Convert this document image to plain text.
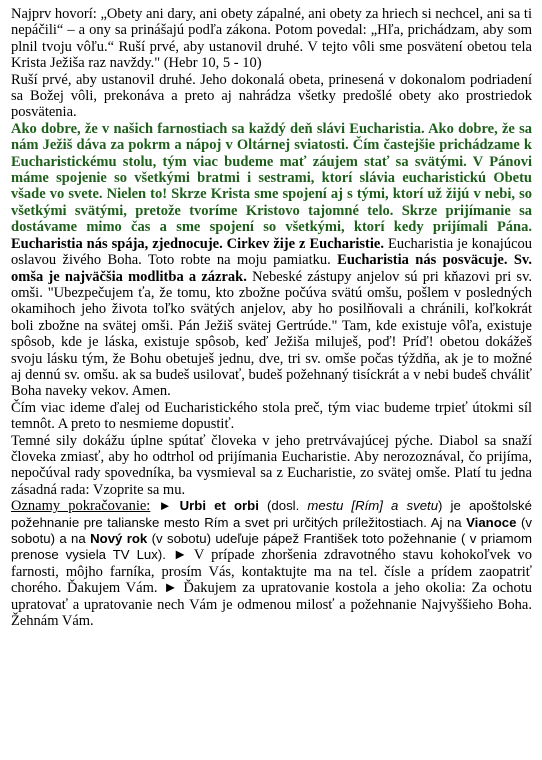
Najprv hovorí: „Obety ani dary, ani obety zápalné, ani obety za hriech si nechcel, ani sa ti nepáčili“ – a ony sa prinášajú podľa zákona. Potom povedal: „Hľa, prichádzam, aby som plnil tvoju vôľu.“ Ruší prvé, aby ustanovil druhé. V tejto vôli sme posvätení obetou tela Krista Ježiša raz navždy." (Hebr 10, 5 - 10)

Ruší prvé, aby ustanovil druhé. Jeho dokonalá obeta, prinesená v dokonalom podriadení sa Božej vôli, prekonáva a preto aj nahrádza všetky predošlé obety ako prostriedok posvätenia.

Ako dobre, že v našich farnostiach sa každý deň slávi Eucharistia. Ako dobre, že sa nám Ježiš dáva za pokrm a nápoj v Oltárnej sviatosti. Čím častejšie prichádzame k Eucharistickému stolu, tým viac budeme mať záujem stať sa svätými. V Pánovi máme spojenie so všetkými bratmi i sestrami, ktorí slávia eucharistickú Obetu všade vo svete. Nielen to! Skrze Krista sme spojení aj s tými, ktorí už žijú v nebi, so všetkými svätými, pretože tvoríme Kristovo tajomné telo. Skrze prijímanie sa dostávame mimo čas a sme spojení so všetkými, ktorí kedy prijímali Pána. Eucharistia nás spája, zjednocuje. Cirkev žije z Eucharistie. Eucharistia je konajúcou oslavou živého Boha. Toto robte na moju pamiatku. Eucharistia nás posväcuje. Sv. omša je najväčšia modlitba a zázrak. Nebeské zástupy anjelov sú pri kňazovi pri sv. omši. "Ubezpečujem ťa, že tomu, kto zbožne počúva svätú omšu, pošlem v posledných okamihoch jeho života toľko svätých anjelov, aby ho posilňovali a chránili, koľkokrát boli zbožne na svätej omši. Pán Ježiš svätej Gertrúde." Tam, kde existuje vôľa, existuje spôsob, kde je láska, existuje spôsob, keď Ježiša miluješ, poď! Príď! obetou dokážeš svoju lásku tým, že Bohu obetuješ jednu, dve, tri sv. omše počas týždňa, ak je to možné aj dennú sv. omšu. ak sa budeš usilovať, budeš požehnaný tisíckrát a v nebi budeš chváliť Boha naveky vekov. Amen.

Čím viac ideme ďalej od Eucharistického stola preč, tým viac budeme trpieť útokmi síl temnôt. A preto to nesmieme dopustiť.

Temné sily dokážu úplne spútať človeka v jeho pretrvávajúcej pýche. Diabol sa snaží človeka zmiasť, aby ho odtrhol od prijímania Eucharistie. Aby nerozoznával, čo prijíma, nepočúval rady spovedníka, ba vysmieval sa z Eucharistie, zo svätej omše. Platí tu jedna zásadná rada: Vzoprite sa mu.

Oznamy pokračovanie: ► Urbi et orbi (dosl. mestu [Rím] a svetu) je apoštolské požehnanie pre talianske mesto Rím a svet pri určitých príležitostiach. Aj na Vianoce (v sobotu) a na Nový rok (v sobotu) udeľuje pápež František toto požehnanie ( v priamom prenose vysiela TV Lux). ► V prípade zhoršenia zdravotného stavu kohokoľvek vo farnosti, môjho farníka, prosím Vás, kontaktujte ma na tel. čísle a prídem zaopatriť chorého. Ďakujem Vám. ► Ďakujem za upratovanie kostola a jeho okolia: Za ochotu upratovať a upratovanie nech Vám je odmenou milosť a požehnanie Najvyššieho Boha. Žehnám Vám.
